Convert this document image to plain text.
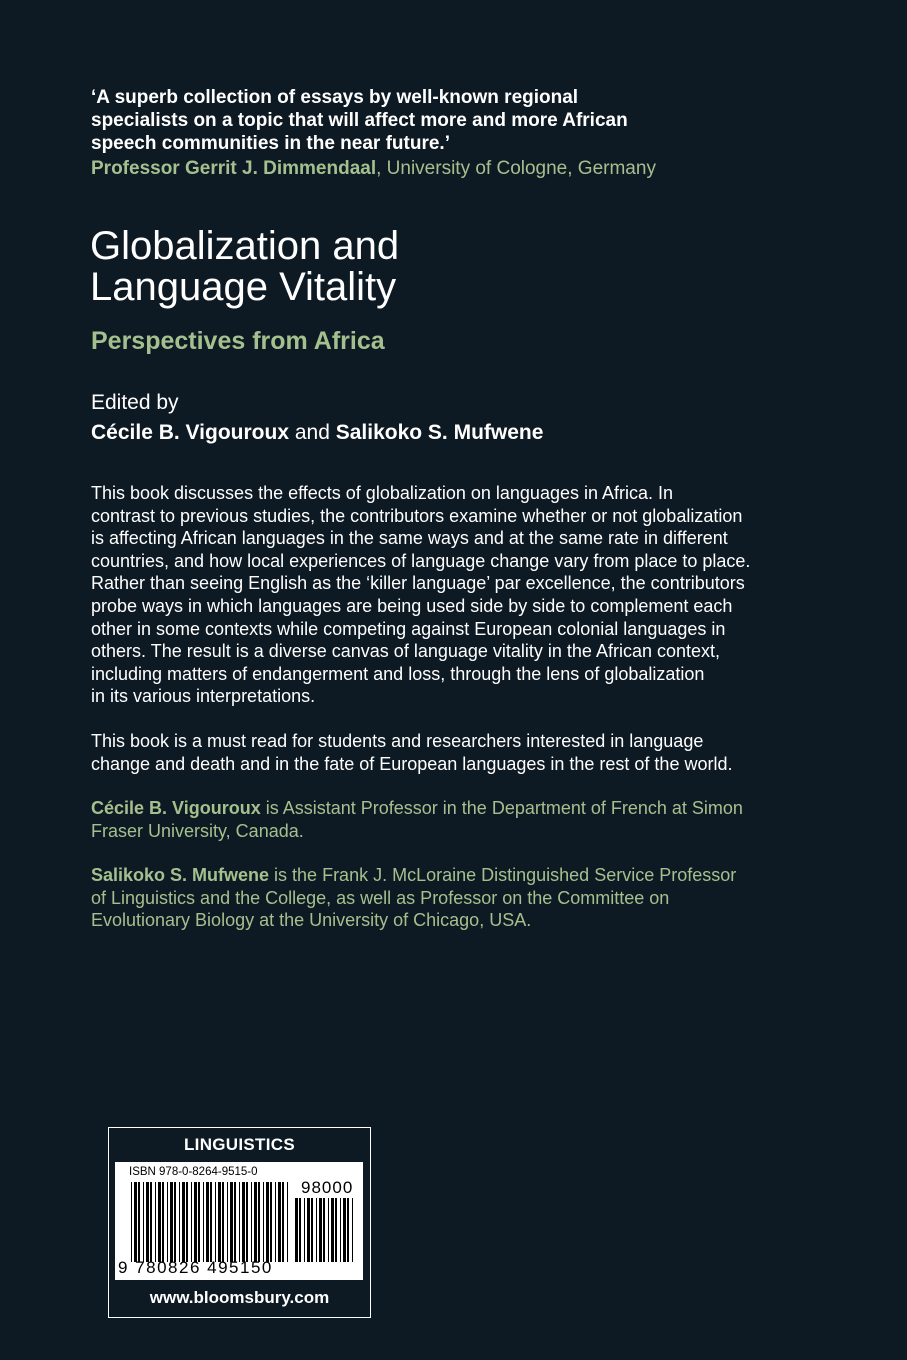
‘A superb collection of essays by well-known regional
specialists on a topic that will affect more and more African
speech communities in the near future.’
Professor Gerrit J. Dimmendaal, University of Cologne, Germany
Globalization and
Language Vitality
Perspectives from Africa
Edited by
Cécile B. Vigouroux and Salikoko S. Mufwene
This book discusses the effects of globalization on languages in Africa. In
contrast to previous studies, the contributors examine whether or not globalization
is affecting African languages in the same ways and at the same rate in different
countries, and how local experiences of language change vary from place to place.
Rather than seeing English as the ‘killer language’ par excellence, the contributors
probe ways in which languages are being used side by side to complement each
other in some contexts while competing against European colonial languages in
others. The result is a diverse canvas of language vitality in the African context,
including matters of endangerment and loss, through the lens of globalization
in its various interpretations.
This book is a must read for students and researchers interested in language
change and death and in the fate of European languages in the rest of the world.
Cécile B. Vigouroux is Assistant Professor in the Department of French at Simon
Fraser University, Canada.
Salikoko S. Mufwene is the Frank J. McLoraine Distinguished Service Professor
of Linguistics and the College, as well as Professor on the Committee on
Evolutionary Biology at the University of Chicago, USA.
LINGUISTICS
ISBN 978-0-8264-9515-0
98000
9 780826 495150
www.bloomsbury.com
